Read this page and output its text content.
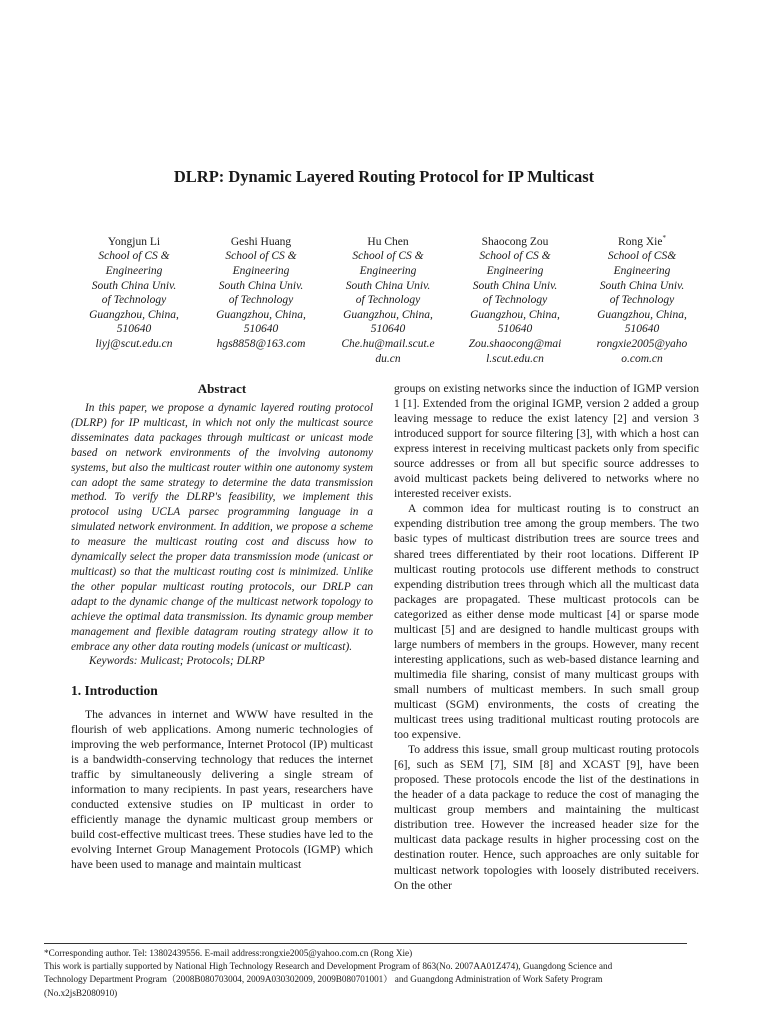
DLRP: Dynamic Layered Routing Protocol for IP Multicast
Yongjun Li
School of CS &
Engineering
South China Univ.
of Technology
Guangzhou, China,
510640
liyj@scut.edu.cn
Geshi Huang
School of CS &
Engineering
South China Univ.
of Technology
Guangzhou, China,
510640
hgs8858@163.com
Hu Chen
School of CS &
Engineering
South China Univ.
of Technology
Guangzhou, China,
510640
Che.hu@mail.scut.e
du.cn
Shaocong Zou
School of CS &
Engineering
South China Univ.
of Technology
Guangzhou, China,
510640
Zou.shaocong@mai
l.scut.edu.cn
Rong Xie*
School of CS&
Engineering
South China Univ.
of Technology
Guangzhou, China,
510640
rongxie2005@yaho
o.com.cn
Abstract

In this paper, we propose a dynamic layered routing protocol (DLRP) for IP multicast, in which not only the multicast source disseminates data packages through multicast or unicast mode based on network environments of the involving autonomy systems, but also the multicast router within one autonomy system can adopt the same strategy to determine the data transmission method. To verify the DLRP's feasibility, we implement this protocol using UCLA parsec programming language in a simulated network environment. In addition, we propose a scheme to measure the multicast routing cost and discuss how to dynamically select the proper data transmission mode (unicast or multicast) so that the multicast routing cost is minimized. Unlike the other popular multicast routing protocols, our DRLP can adapt to the dynamic change of the multicast network topology to achieve the optimal data transmission. Its dynamic group member management and flexible datagram routing strategy allow it to embrace any other data routing models (unicast or multicast).

Keywords: Mulicast; Protocols; DLRP

1. Introduction

The advances in internet and WWW have resulted in the flourish of web applications. Among numeric technologies of improving the web performance, Internet Protocol (IP) multicast is a bandwidth-conserving technology that reduces the internet traffic by simultaneously delivering a single stream of information to many recipients. In past years, researchers have conducted extensive studies on IP multicast in order to efficiently manage the dynamic multicast group members or build cost-effective multicast trees. These studies have led to the evolving Internet Group Management Protocols (IGMP) which have been used to manage and maintain multicast

groups on existing networks since the induction of IGMP version 1 [1]. Extended from the original IGMP, version 2 added a group leaving message to reduce the exist latency [2] and version 3 introduced support for source filtering [3], with which a host can express interest in receiving multicast packets only from specific source addresses or from all but specific source addresses to avoid multicast packets being delivered to networks where no interested receiver exists.

A common idea for multicast routing is to construct an expending distribution tree among the group members. The two basic types of multicast distribution trees are source trees and shared trees differentiated by their root locations. Different IP multicast routing protocols use different methods to construct expending distribution trees through which all the multicast data packages are propagated. These multicast protocols can be categorized as either dense mode multicast [4] or sparse mode multicast [5] and are designed to handle multicast groups with large numbers of members in the groups. However, many recent interesting applications, such as web-based distance learning and multimedia file sharing, consist of many multicast groups with small numbers of multicast members. In such small group multicast (SGM) environments, the costs of creating the multicast trees using traditional multicast routing protocols are too expensive.

To address this issue, small group multicast routing protocols [6], such as SEM [7], SIM [8] and XCAST [9], have been proposed. These protocols encode the list of the destinations in the header of a data package to reduce the cost of managing the multicast group members and maintaining the multicast distribution tree. However the increased header size for the multicast data package results in higher processing cost on the destination router. Hence, such approaches are only suitable for multicast network topologies with loosely distributed receivers. On the other

*Corresponding author. Tel: 13802439556. E-mail address:rongxie2005@yahoo.com.cn (Rong Xie)

This work is partially supported by National High Technology Research and Development Program of 863(No. 2007AA01Z474), Guangdong Science and

Technology Department Program（2008B080703004, 2009A030302009, 2009B080701001） and Guangdong Administration of Work Safety Program

(No.x2jsB2080910)
